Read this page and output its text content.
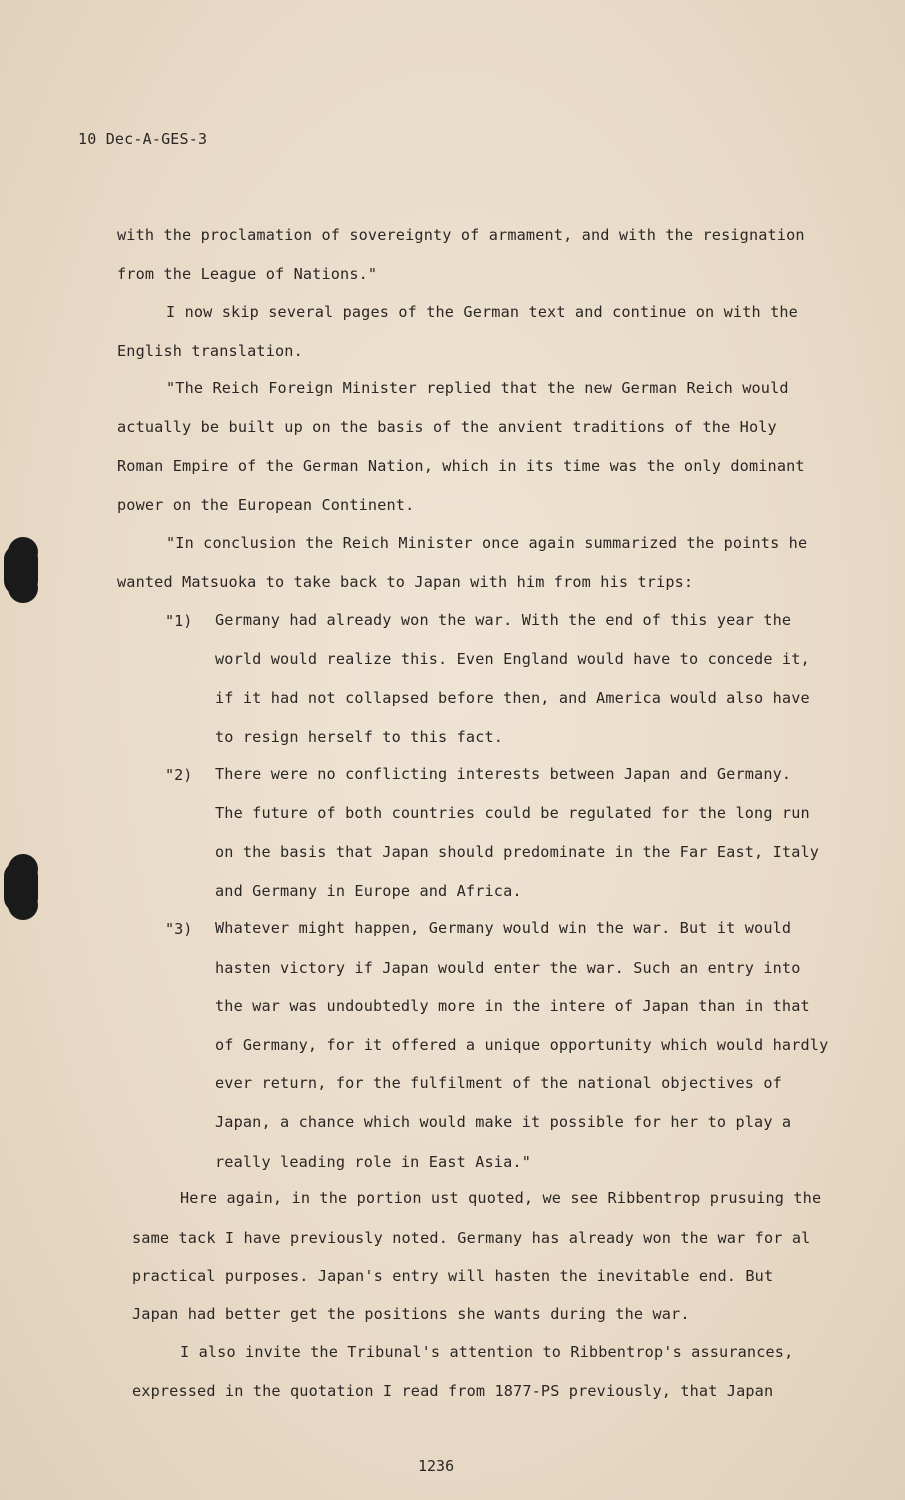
10 Dec-A-GES-3
with the proclamation of sovereignty of armament, and with the resignation
from the League of Nations."
I now skip several pages of the German text and continue on with the
English translation.
"The Reich Foreign Minister replied that the new German Reich would
actually be built up on the basis of the anvient traditions of the Holy
Roman Empire of the German Nation, which in its time was the only dominant
power on the European Continent.
"In conclusion the Reich Minister once again summarized the points he
wanted Matsuoka to take back to Japan with him from his trips:
"1) Germany had already won the war. With the end of this year the
world would realize this. Even England would have to concede it,
if it had not collapsed before then, and America would also have
to resign herself to this fact.
"2) There were no conflicting interests between Japan and Germany.
The future of both countries could be regulated for the long run
on the basis that Japan should predominate in the Far East, Italy
and Germany in Europe and Africa.
"3) Whatever might happen, Germany would win the war. But it would
hasten victory if Japan would enter the war. Such an entry into
the war was undoubtedly more in the intere of Japan than in that
of Germany, for it offered a unique opportunity which would hardly
ever return, for the fulfilment of the national objectives of
Japan, a chance which would make it possible for her to play a
really leading role in East Asia."
Here again, in the portion ust quoted, we see Ribbentrop prusuing the
same tack I have previously noted. Germany has already won the war for al
practical purposes. Japan's entry will hasten the inevitable end. But
Japan had better get the positions she wants during the war.
I also invite the Tribunal's attention to Ribbentrop's assurances,
expressed in the quotation I read from 1877-PS previously, that Japan
1236
